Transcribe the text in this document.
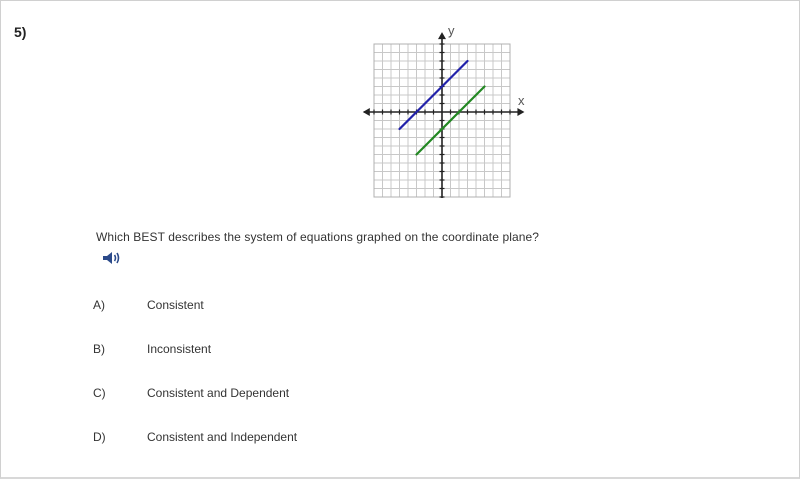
5)
x
y
Which BEST describes the system of equations graphed on the coordinate plane?
A)	Consistent
B)	Inconsistent
C)	Consistent and Dependent
D)	Consistent and Independent
